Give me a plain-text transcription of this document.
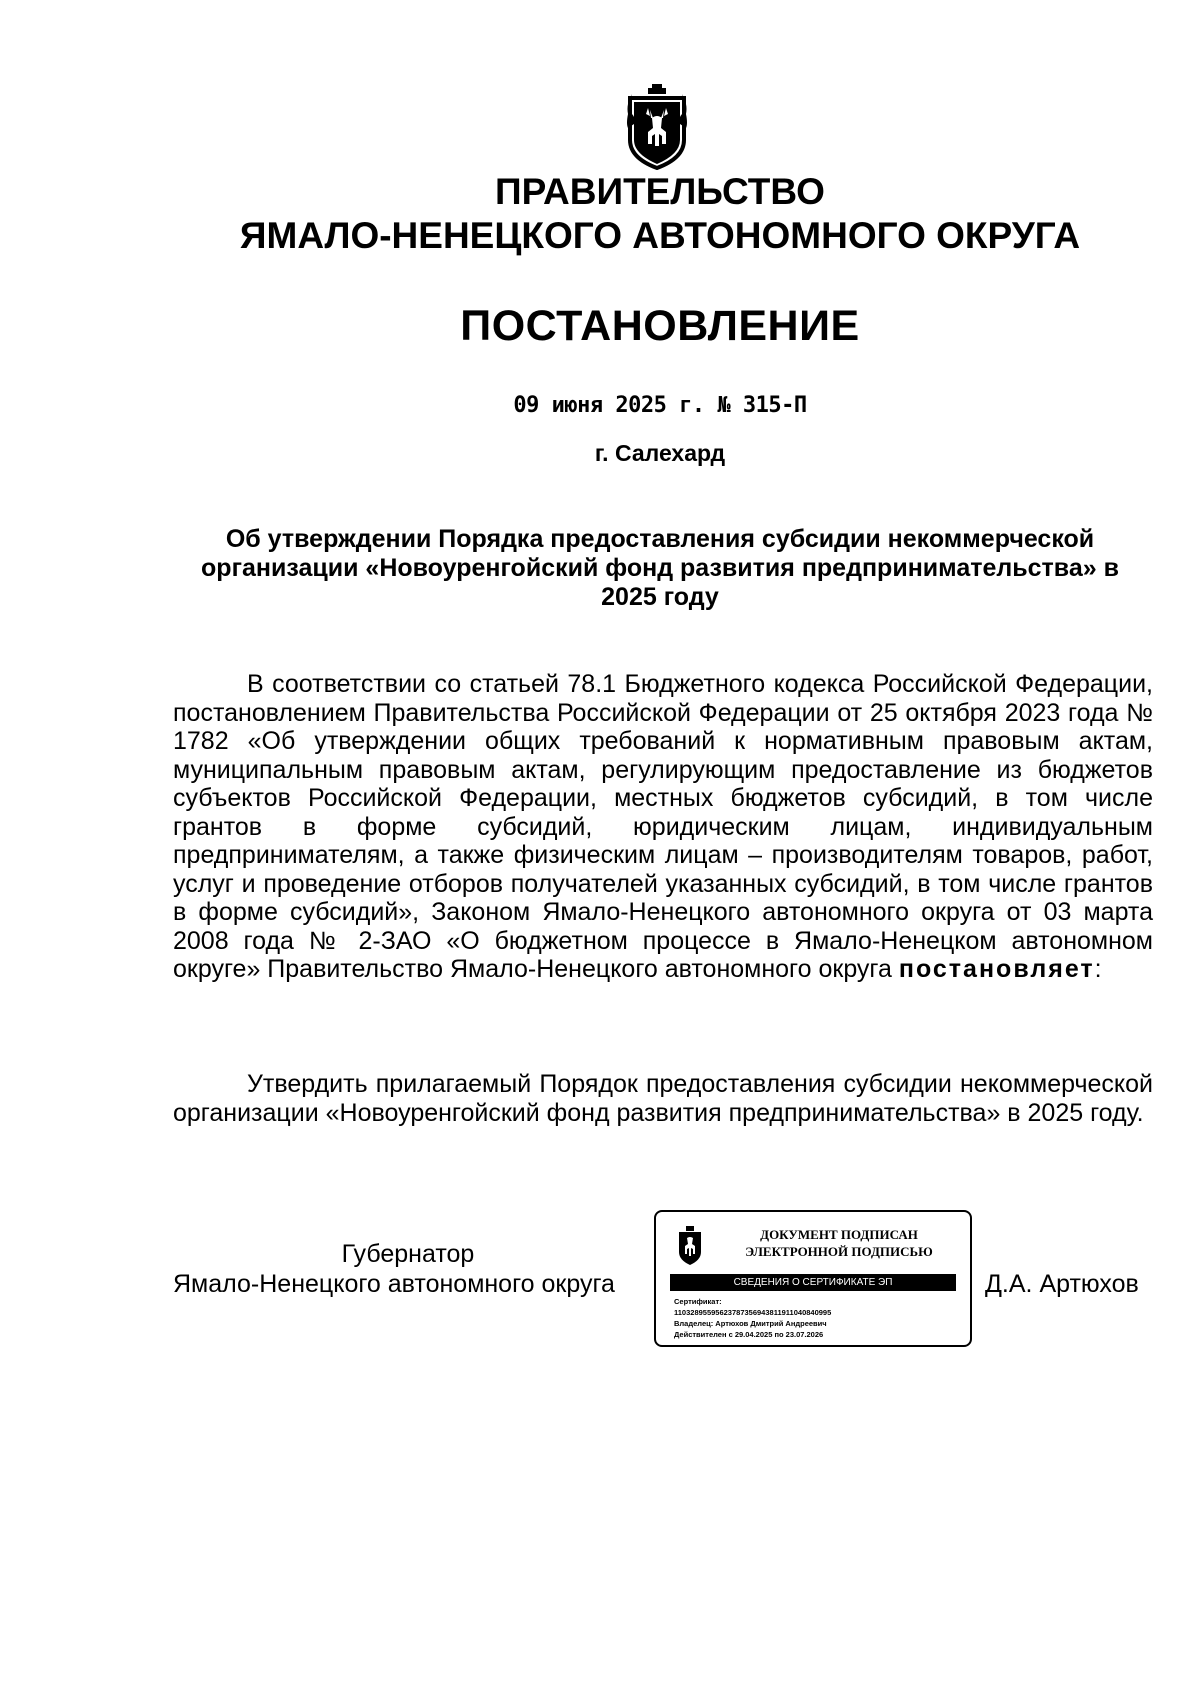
ПРАВИТЕЛЬСТВО
ЯМАЛО-НЕНЕЦКОГО АВТОНОМНОГО ОКРУГА
ПОСТАНОВЛЕНИЕ
09 июня 2025 г. № 315-П
г. Салехард
Об утверждении Порядка предоставления субсидии некоммерческой организации «Новоуренгойский фонд развития предпринимательства» в 2025 году

В соответствии со статьей 78.1 Бюджетного кодекса Российской Федерации, постановлением Правительства Российской Федерации от 25 октября 2023 года № 1782 «Об утверждении общих требований к нормативным правовым актам, муниципальным правовым актам, регулирующим предоставление из бюджетов субъектов Российской Федерации, местных бюджетов субсидий, в том числе грантов в форме субсидий, юридическим лицам, индивидуальным предпринимателям, а также физическим лицам – производителям товаров, работ, услуг и проведение отборов получателей указанных субсидий, в том числе грантов в форме субсидий», Законом Ямало-Ненецкого автономного округа от 03 марта 2008 года № 2-ЗАО «О бюджетном процессе в Ямало-Ненецком автономном округе» Правительство Ямало-Ненецкого автономного округа постановляет:

Утвердить прилагаемый Порядок предоставления субсидии некоммерческой организации «Новоуренгойский фонд развития предпринимательства» в 2025 году.

Губернатор
Ямало-Ненецкого автономного округа
ДОКУМЕНТ ПОДПИСАН
ЭЛЕКТРОННОЙ ПОДПИСЬЮ
СВЕДЕНИЯ О СЕРТИФИКАТЕ ЭП
Сертификат:
11032895595623787356943811911040840995
Владелец: Артюхов Дмитрий Андреевич
Действителен с 29.04.2025 по 23.07.2026
Д.А. Артюхов
